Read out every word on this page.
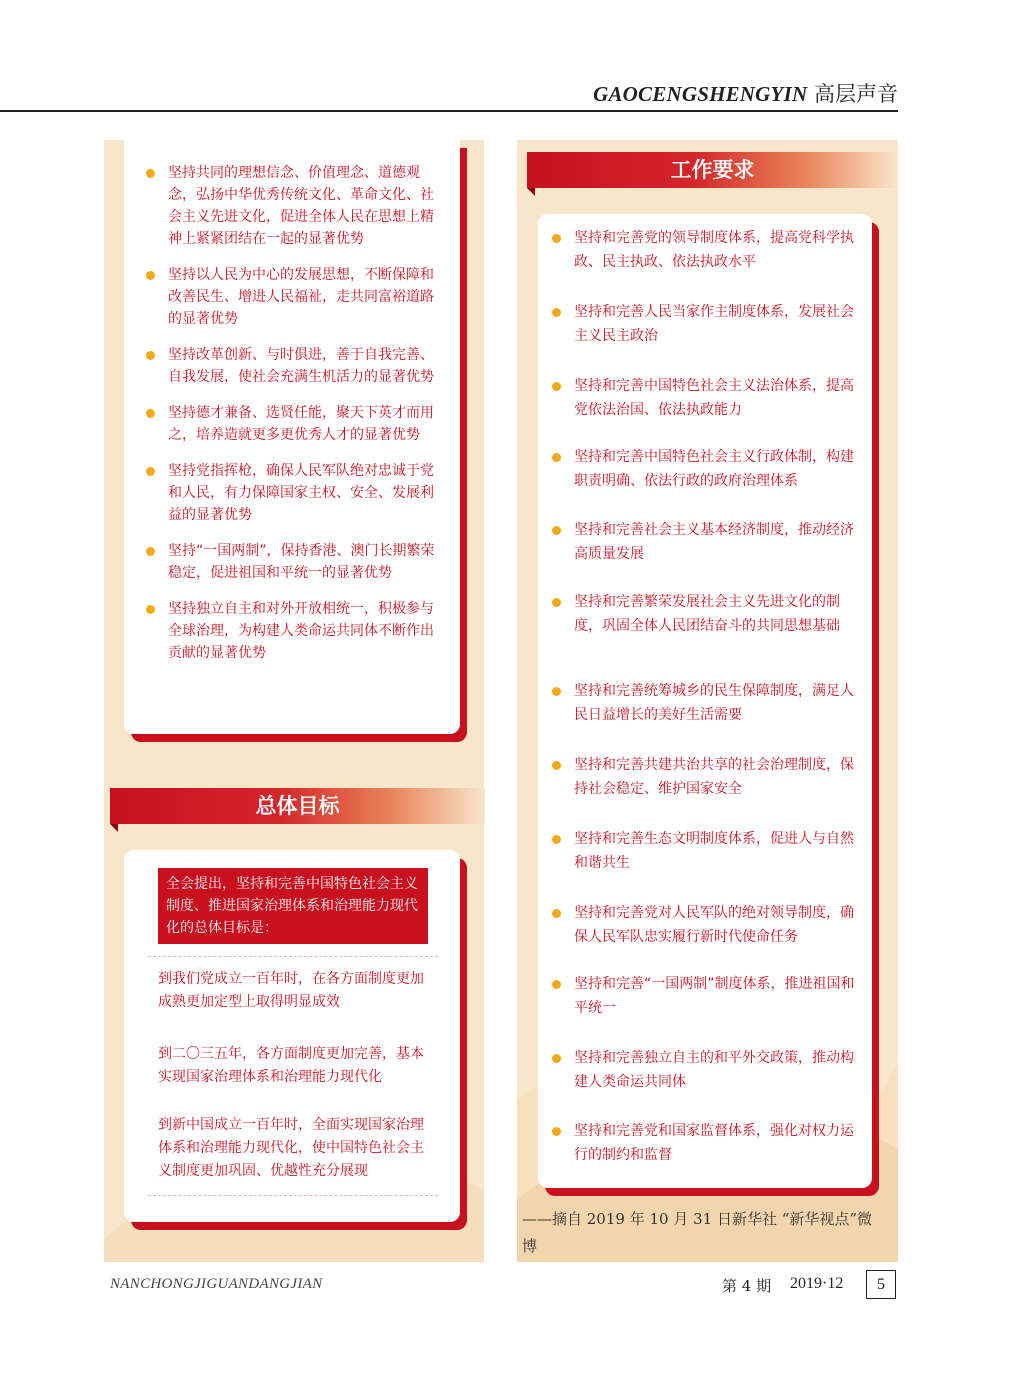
GAOCENGSHENGYIN 高层声音
坚持共同的理想信念、价值理念、道德观念，弘扬中华优秀传统文化、革命文化、社会主义先进文化，促进全体人民在思想上精神上紧紧团结在一起的显著优势
坚持以人民为中心的发展思想，不断保障和改善民生、增进人民福祉，走共同富裕道路的显著优势
坚持改革创新、与时俱进，善于自我完善、自我发展，使社会充满生机活力的显著优势
坚持德才兼备、选贤任能，聚天下英才而用之，培养造就更多更优秀人才的显著优势
坚持党指挥枪，确保人民军队绝对忠诚于党和人民，有力保障国家主权、安全、发展利益的显著优势
坚持“一国两制”，保持香港、澳门长期繁荣稳定，促进祖国和平统一的显著优势
坚持独立自主和对外开放相统一，积极参与全球治理，为构建人类命运共同体不断作出贡献的显著优势
总体目标
全会提出，坚持和完善中国特色社会主义制度、推进国家治理体系和治理能力现代化的总体目标是：
到我们党成立一百年时，在各方面制度更加成熟更加定型上取得明显成效
到二〇三五年，各方面制度更加完善，基本实现国家治理体系和治理能力现代化
到新中国成立一百年时，全面实现国家治理体系和治理能力现代化，使中国特色社会主义制度更加巩固、优越性充分展现
工作要求
坚持和完善党的领导制度体系，提高党科学执政、民主执政、依法执政水平
坚持和完善人民当家作主制度体系，发展社会主义民主政治
坚持和完善中国特色社会主义法治体系，提高党依法治国、依法执政能力
坚持和完善中国特色社会主义行政体制，构建职责明确、依法行政的政府治理体系
坚持和完善社会主义基本经济制度，推动经济高质量发展
坚持和完善繁荣发展社会主义先进文化的制度，巩固全体人民团结奋斗的共同思想基础
坚持和完善统筹城乡的民生保障制度，满足人民日益增长的美好生活需要
坚持和完善共建共治共享的社会治理制度，保持社会稳定、维护国家安全
坚持和完善生态文明制度体系，促进人与自然和谐共生
坚持和完善党对人民军队的绝对领导制度，确保人民军队忠实履行新时代使命任务
坚持和完善“一国两制”制度体系，推进祖国和平统一
坚持和完善独立自主的和平外交政策，推动构建人类命运共同体
坚持和完善党和国家监督体系，强化对权力运行的制约和监督
——摘自 2019 年 10 月 31 日新华社 “新华视点”微博
NANCHONGJIGUANDANGJIAN	第 4 期 2019·12	5
